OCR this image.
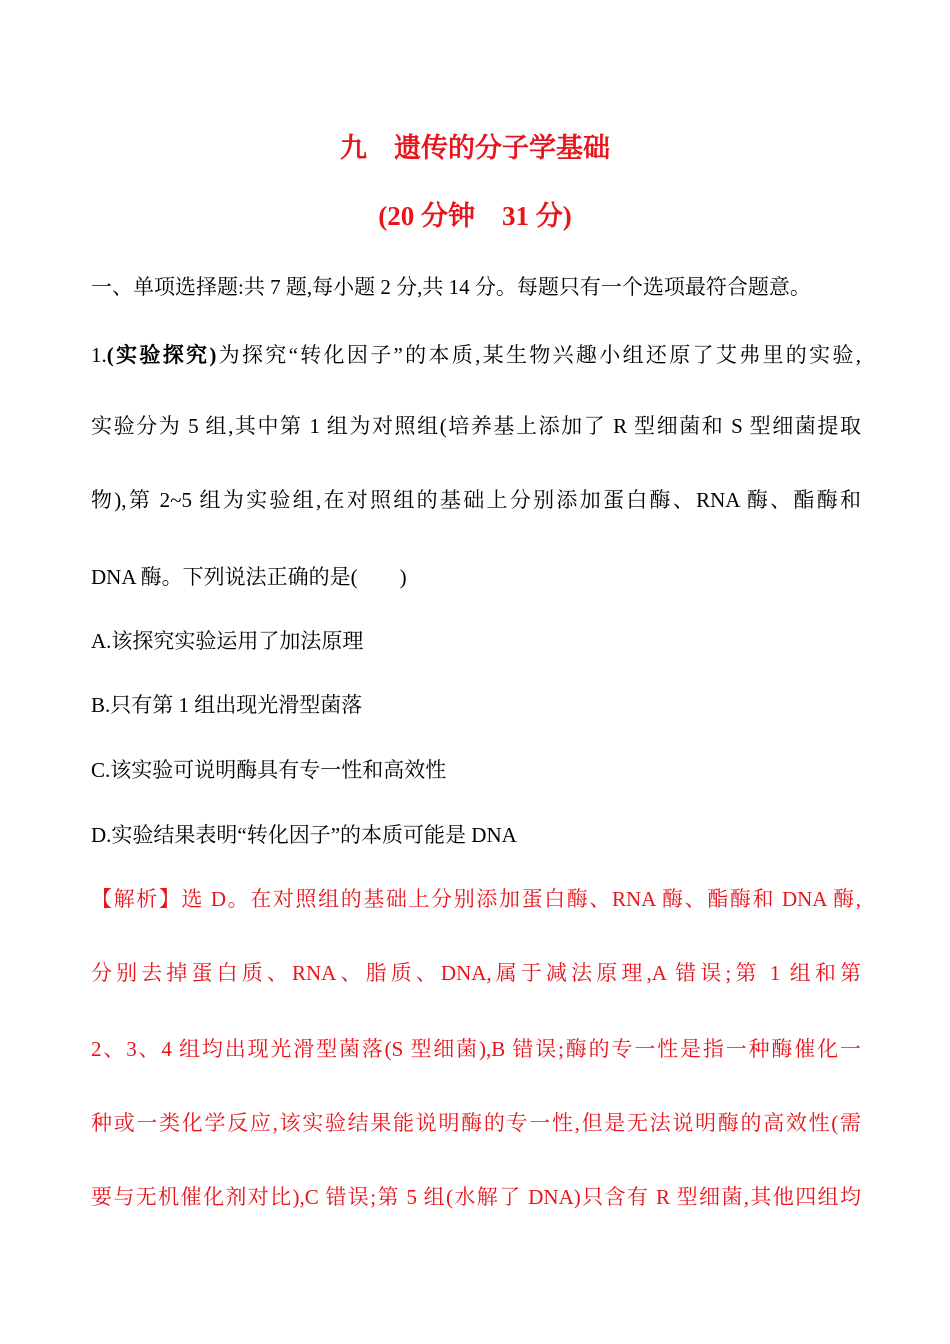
九　遗传的分子学基础
(20 分钟　31 分)
一、单项选择题:共 7 题,每小题 2 分,共 14 分。每题只有一个选项最符合题意。
1.(实验探究)为探究“转化因子”的本质,某生物兴趣小组还原了艾弗里的实验,
实验分为 5 组,其中第 1 组为对照组(培养基上添加了 R 型细菌和 S 型细菌提取
物),第 2~5 组为实验组,在对照组的基础上分别添加蛋白酶、RNA 酶、酯酶和
DNA 酶。下列说法正确的是(　　)
A.该探究实验运用了加法原理
B.只有第 1 组出现光滑型菌落
C.该实验可说明酶具有专一性和高效性
D.实验结果表明“转化因子”的本质可能是 DNA
【解析】选 D。在对照组的基础上分别添加蛋白酶、RNA 酶、酯酶和 DNA 酶,
分别去掉蛋白质、RNA、脂质、DNA,属于减法原理,A 错误;第 1 组和第
2、3、4 组均出现光滑型菌落(S 型细菌),B 错误;酶的专一性是指一种酶催化一
种或一类化学反应,该实验结果能说明酶的专一性,但是无法说明酶的高效性(需
要与无机催化剂对比),C 错误;第 5 组(水解了 DNA)只含有 R 型细菌,其他四组均
